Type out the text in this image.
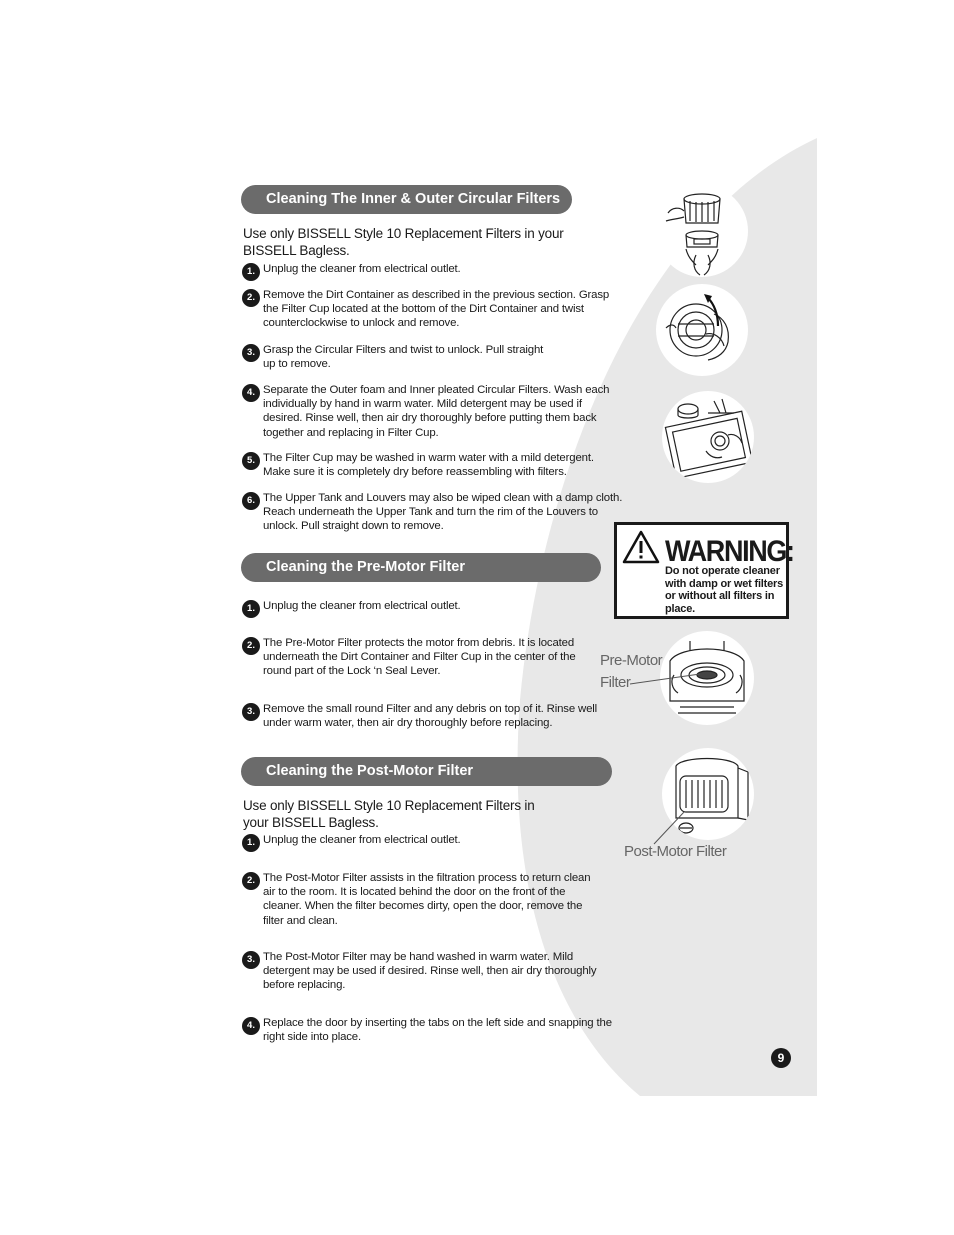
Cleaning The Inner & Outer Circular Filters
Use only BISSELL Style 10 Replacement Filters in your BISSELL Bagless.
1. Unplug the cleaner from electrical outlet.
2. Remove the Dirt Container as described in the previous section. Grasp the Filter Cup located at the bottom of the Dirt Container and twist counterclockwise to unlock and remove.
3. Grasp the Circular Filters and twist to unlock. Pull straight up to remove.
4. Separate the Outer foam and Inner pleated Circular Filters. Wash each individually by hand in warm water. Mild detergent may be used if desired. Rinse well, then air dry thoroughly before putting them back together and replacing in Filter Cup.
5. The Filter Cup may be washed in warm water with a mild detergent. Make sure it is completely dry before reassembling with filters.
6. The Upper Tank and Louvers may also be wiped clean with a damp cloth. Reach underneath the Upper Tank and turn the rim of the Louvers to unlock. Pull straight down to remove.
Cleaning the Pre-Motor Filter
1. Unplug the cleaner from electrical outlet.
2. The Pre-Motor Filter protects the motor from debris. It is located underneath the Dirt Container and Filter Cup in the center of the round part of the Lock ‘n Seal Lever.
3. Remove the small round Filter and any debris on top of it. Rinse well under warm water, then air dry thoroughly before replacing.
Cleaning the Post-Motor Filter
Use only BISSELL Style 10 Replacement Filters in your BISSELL Bagless.
1. Unplug the cleaner from electrical outlet.
2. The Post-Motor Filter assists in the filtration process to return clean air to the room. It is located behind the door on the front of the cleaner. When the filter becomes dirty, open the door, remove the filter and clean.
3. The Post-Motor Filter may be hand washed in warm water. Mild detergent may be used if desired. Rinse well, then air dry thoroughly before replacing.
4. Replace the door by inserting the tabs on the left side and snapping the right side into place.
WARNING:
Do not operate cleaner with damp or wet filters or without all filters in place.
Pre-Motor Filter
Post-Motor Filter
9
